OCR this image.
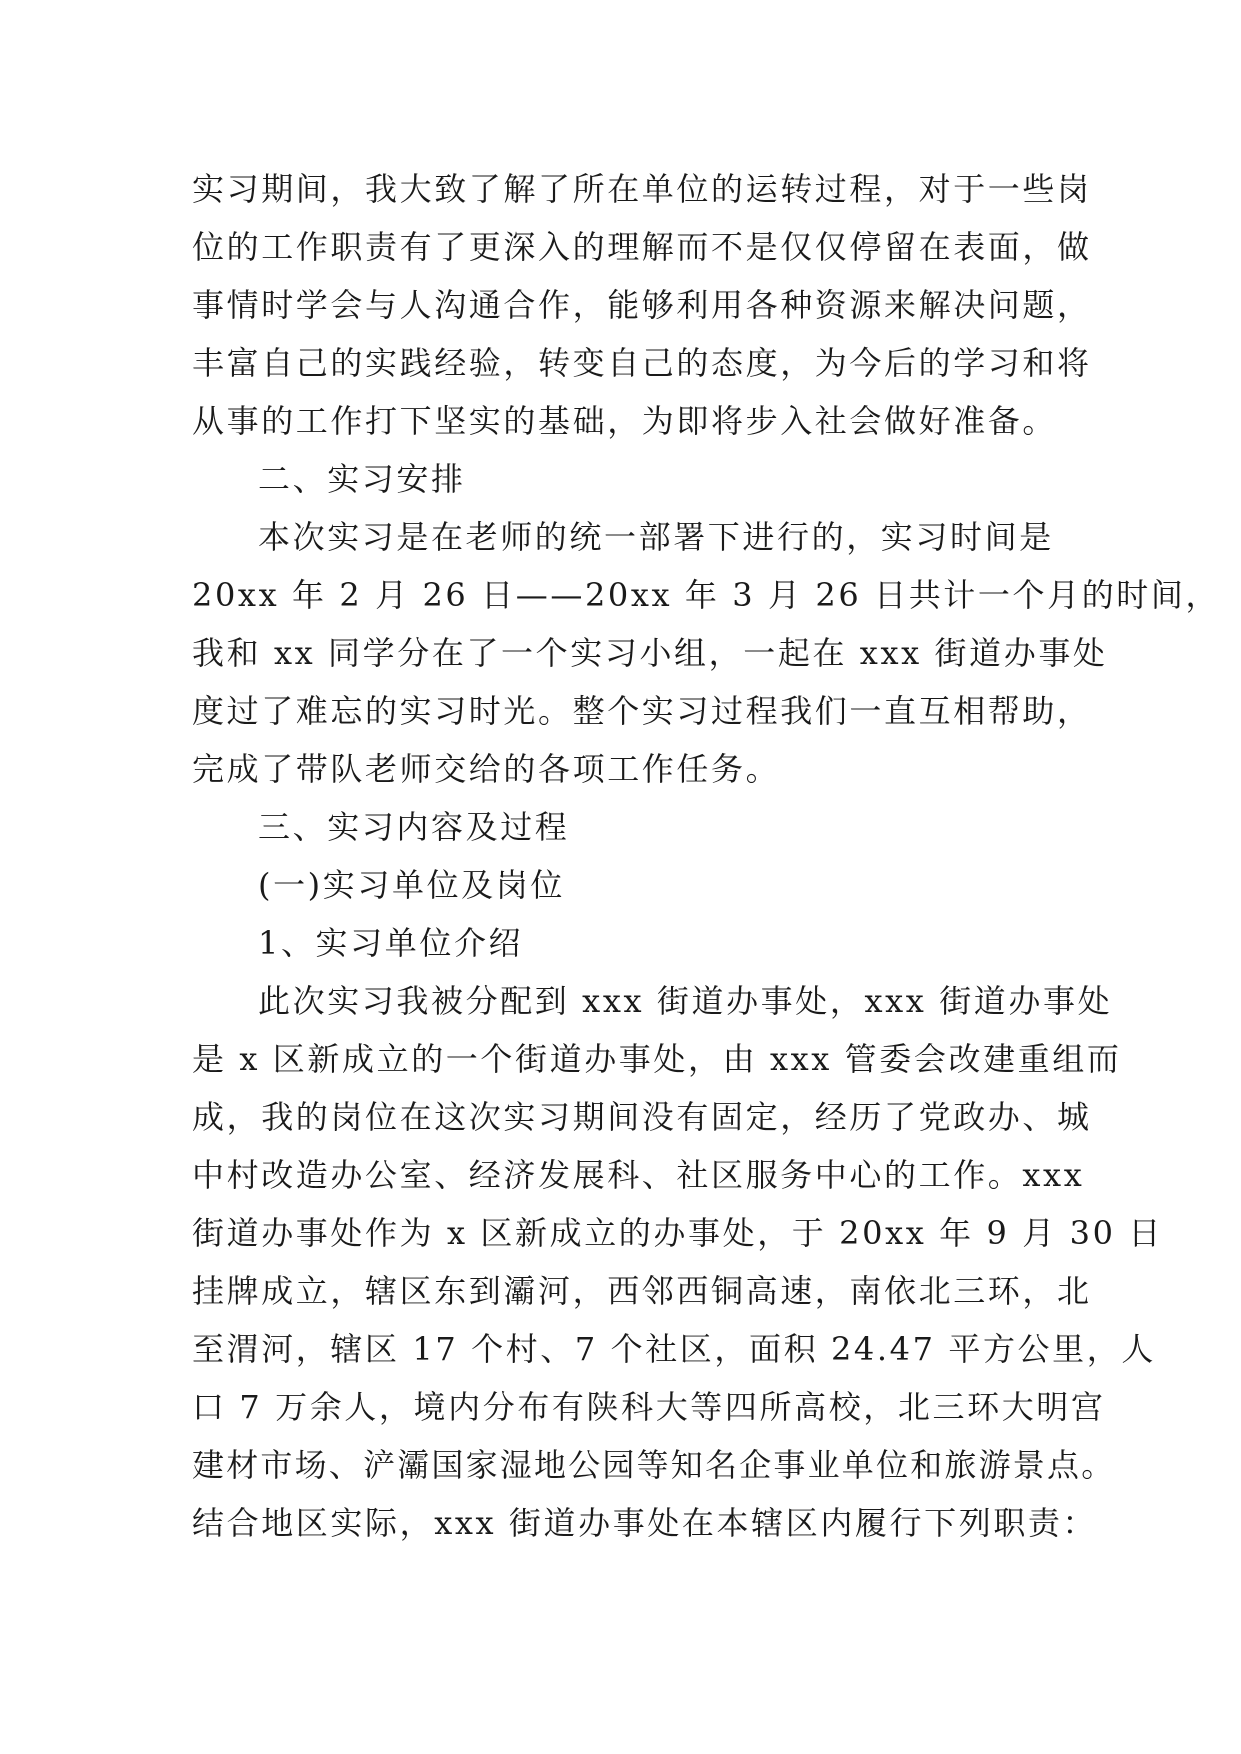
实习期间，我大致了解了所在单位的运转过程，对于一些岗
位的工作职责有了更深入的理解而不是仅仅停留在表面，做
事情时学会与人沟通合作，能够利用各种资源来解决问题，
丰富自己的实践经验，转变自己的态度，为今后的学习和将
从事的工作打下坚实的基础，为即将步入社会做好准备。
二、实习安排
本次实习是在老师的统一部署下进行的，实习时间是
20xx 年 2 月 26 日——20xx 年 3 月 26 日共计一个月的时间，
我和 xx 同学分在了一个实习小组，一起在 xxx 街道办事处
度过了难忘的实习时光。整个实习过程我们一直互相帮助，
完成了带队老师交给的各项工作任务。
三、实习内容及过程
(一)实习单位及岗位
1、实习单位介绍
此次实习我被分配到 xxx 街道办事处，xxx 街道办事处
是 x 区新成立的一个街道办事处，由 xxx 管委会改建重组而
成，我的岗位在这次实习期间没有固定，经历了党政办、城
中村改造办公室、经济发展科、社区服务中心的工作。xxx
街道办事处作为 x 区新成立的办事处，于 20xx 年 9 月 30 日
挂牌成立，辖区东到灞河，西邻西铜高速，南依北三环，北
至渭河，辖区 17 个村、7 个社区，面积 24.47 平方公里，人
口 7 万余人，境内分布有陕科大等四所高校，北三环大明宫
建材市场、浐灞国家湿地公园等知名企事业单位和旅游景点。
结合地区实际，xxx 街道办事处在本辖区内履行下列职责：
